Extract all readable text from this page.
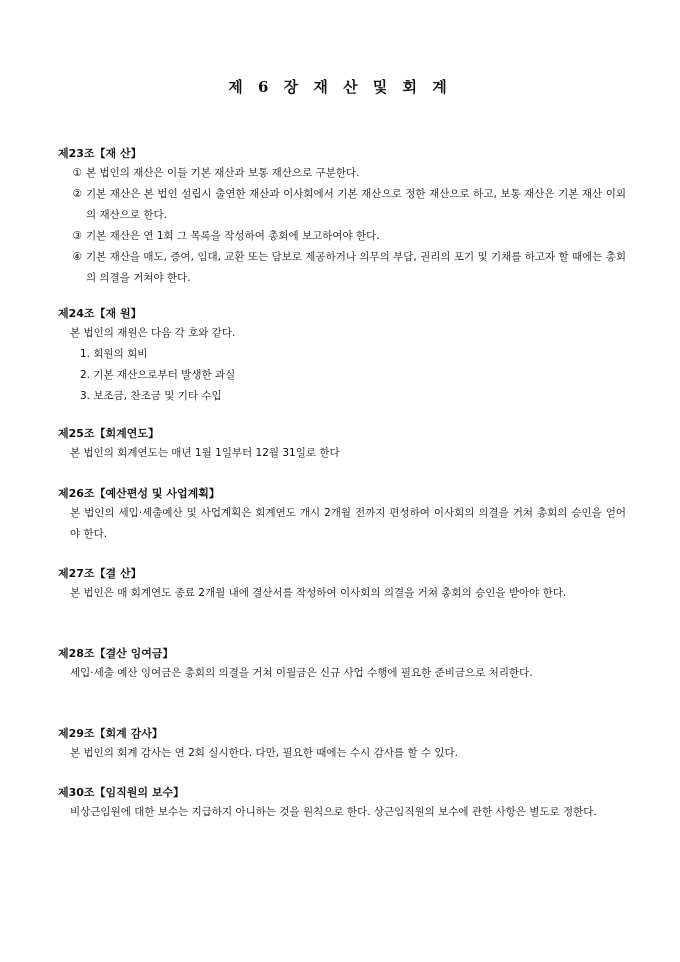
제 6 장 재 산 및 회 계
제23조【재 산】
① 본 법인의 재산은 이들 기본 재산과 보통 재산으로 구분한다.
② 기본 재산은 본 법인 설립시 출연한 재산과 이사회에서 기본 재산으로 정한 재산으로 하고, 보통 재산은 기본 재산 이외의 재산으로 한다.
③ 기본 재산은 연 1회 그 목록을 작성하여 총회에 보고하여야 한다.
④ 기본 재산을 매도, 증여, 임대, 교환 또는 담보로 제공하거나 의무의 부담, 권리의 포기 및 기채를 하고자 할 때에는 총회의 의결을 거쳐야 한다.
제24조【재 원】
본 법인의 재원은 다음 각 호와 같다.
1. 회원의 회비
2. 기본 재산으로부터 발생한 과실
3. 보조금, 찬조금 및 기타 수입
제25조【회계연도】
본 법인의 회계연도는 매년 1월 1일부터 12월 31일로 한다
제26조【예산편성 및 사업계획】
본 법인의 세입·세출예산 및 사업계획은 회계연도 개시 2개월 전까지 편성하여 이사회의 의결을 거쳐 총회의 승인을 얻어야 한다.
제27조【결 산】
본 법인은 매 회계연도 종료 2개월 내에 결산서를 작성하여 이사회의 의결을 거쳐 총회의 승인을 받아야 한다.
제28조【결산 잉여금】
세입·세출 예산 잉여금은 총회의 의결을 거쳐 이월금은 신규 사업 수행에 필요한 준비금으로 처리한다.
제29조【회계 감사】
본 법인의 회계 감사는 연 2회 실시한다. 다만, 필요한 때에는 수시 감사를 할 수 있다.
제30조【임직원의 보수】
비상근임원에 대한 보수는 지급하지 아니하는 것을 원칙으로 한다. 상근임직원의 보수에 관한 사항은 별도로 정한다.
